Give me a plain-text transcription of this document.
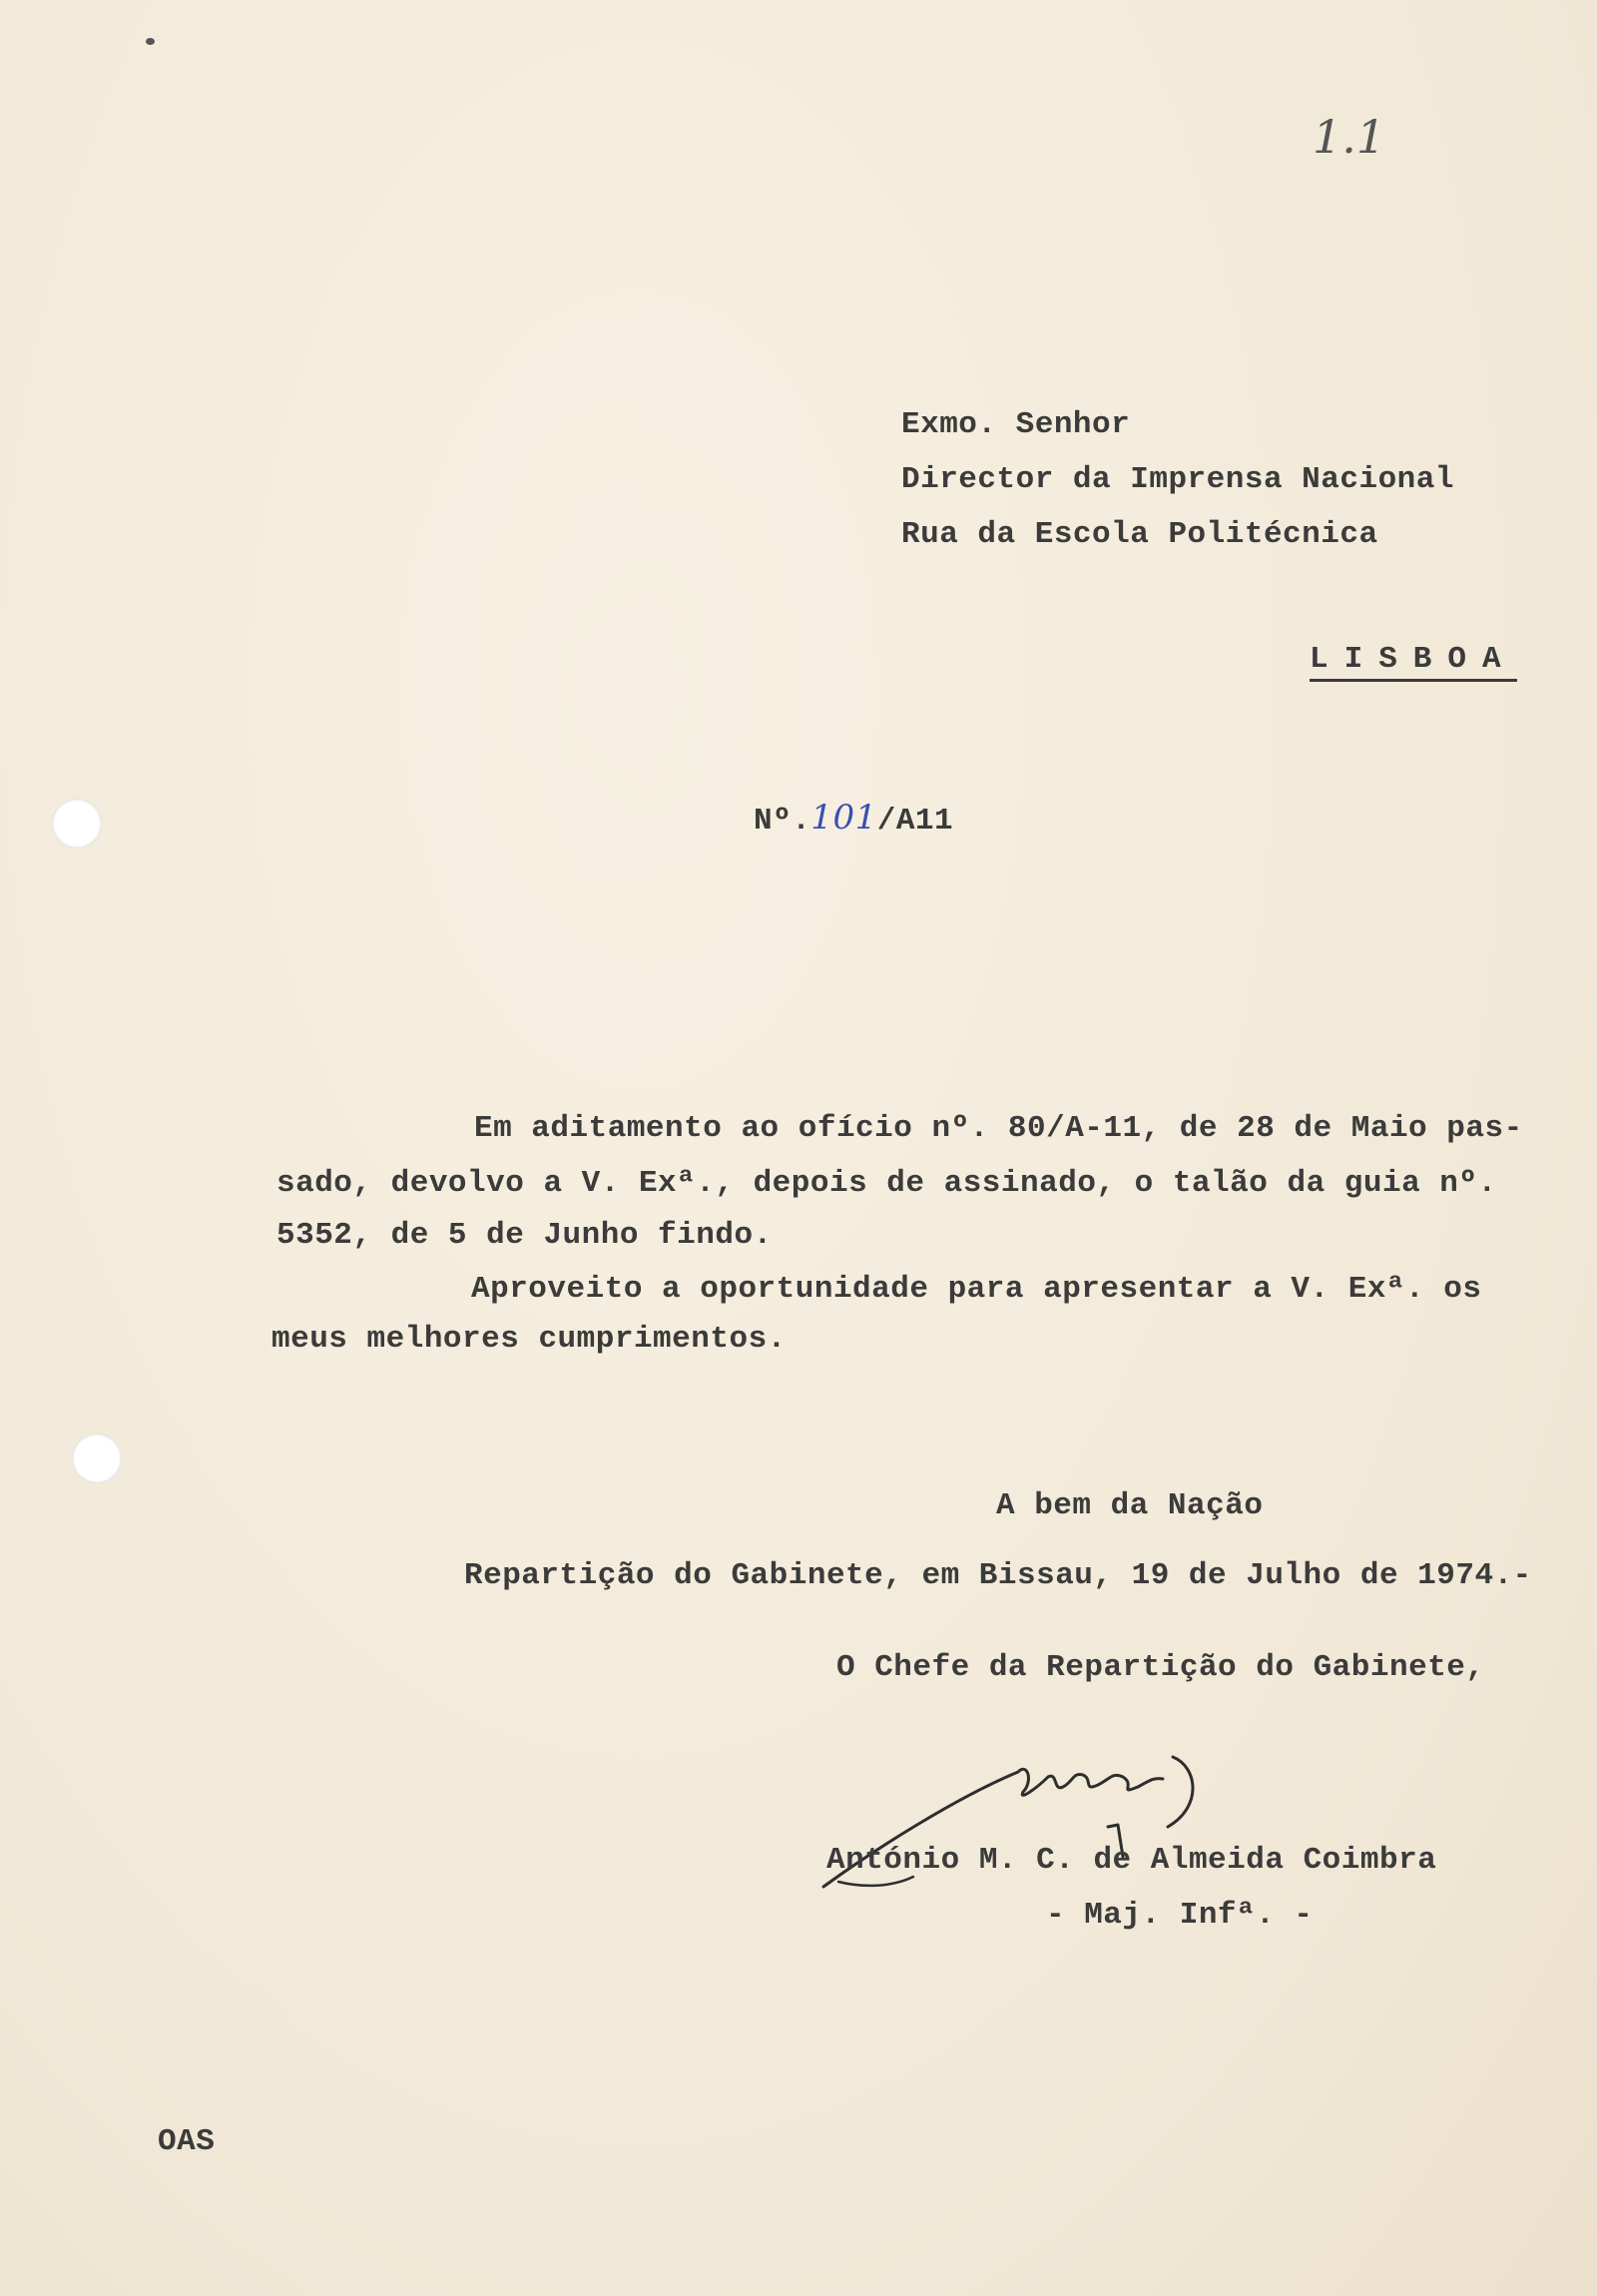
1.1
Exmo. Senhor
Director da Imprensa Nacional
Rua da Escola Politécnica
LISBOA
Nº.101/A11
Em aditamento ao ofício nº. 80/A-11, de 28 de Maio pas-
sado, devolvo a V. Exª., depois de assinado, o talão da guia nº.
5352, de 5 de Junho findo.
Aproveito a oportunidade para apresentar a V. Exª. os
meus melhores cumprimentos.
A bem da Nação
Repartição do Gabinete, em Bissau, 19 de Julho de 1974.-
O Chefe da Repartição do Gabinete,
António M. C. de Almeida Coimbra
- Maj. Infª. -
OAS
